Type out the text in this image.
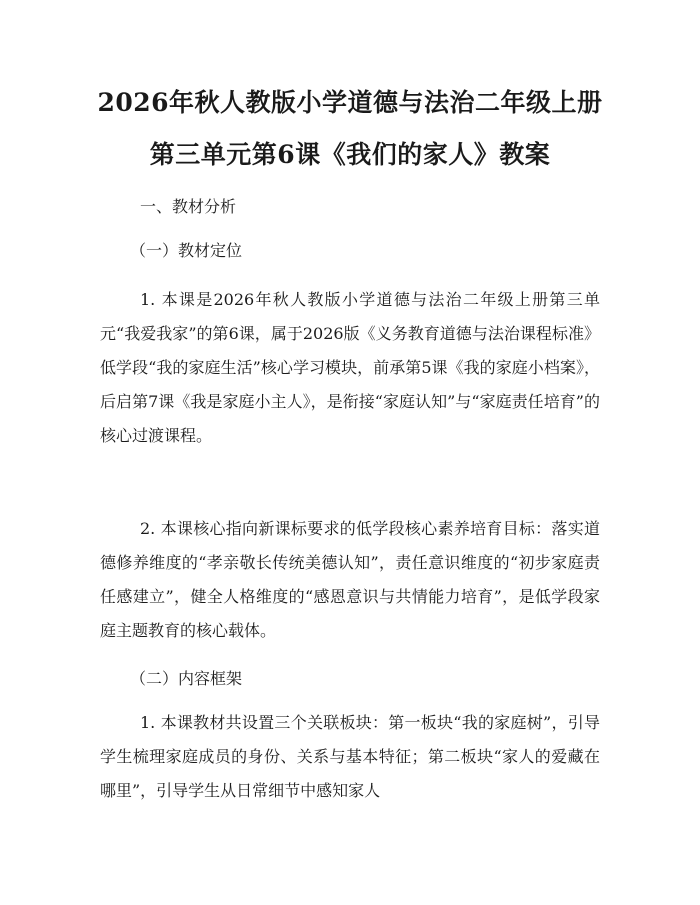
2026年秋人教版小学道德与法治二年级上册
第三单元第6课《我们的家人》教案
一、教材分析
（一）教材定位

1. 本课是2026年秋人教版小学道德与法治二年级上册第三单元“我爱我家”的第6课，属于2026版《义务教育道德与法治课程标准》低学段“我的家庭生活”核心学习模块，前承第5课《我的家庭小档案》，后启第7课《我是家庭小主人》，是衔接“家庭认知”与“家庭责任培育”的核心过渡课程。

2. 本课核心指向新课标要求的低学段核心素养培育目标：落实道德修养维度的“孝亲敬长传统美德认知”，责任意识维度的“初步家庭责任感建立”，健全人格维度的“感恩意识与共情能力培育”，是低学段家庭主题教育的核心载体。

（二）内容框架

1. 本课教材共设置三个关联板块：第一板块“我的家庭树”，引导学生梳理家庭成员的身份、关系与基本特征；第二板块“家人的爱藏在哪里”，引导学生从日常细节中感知家人
